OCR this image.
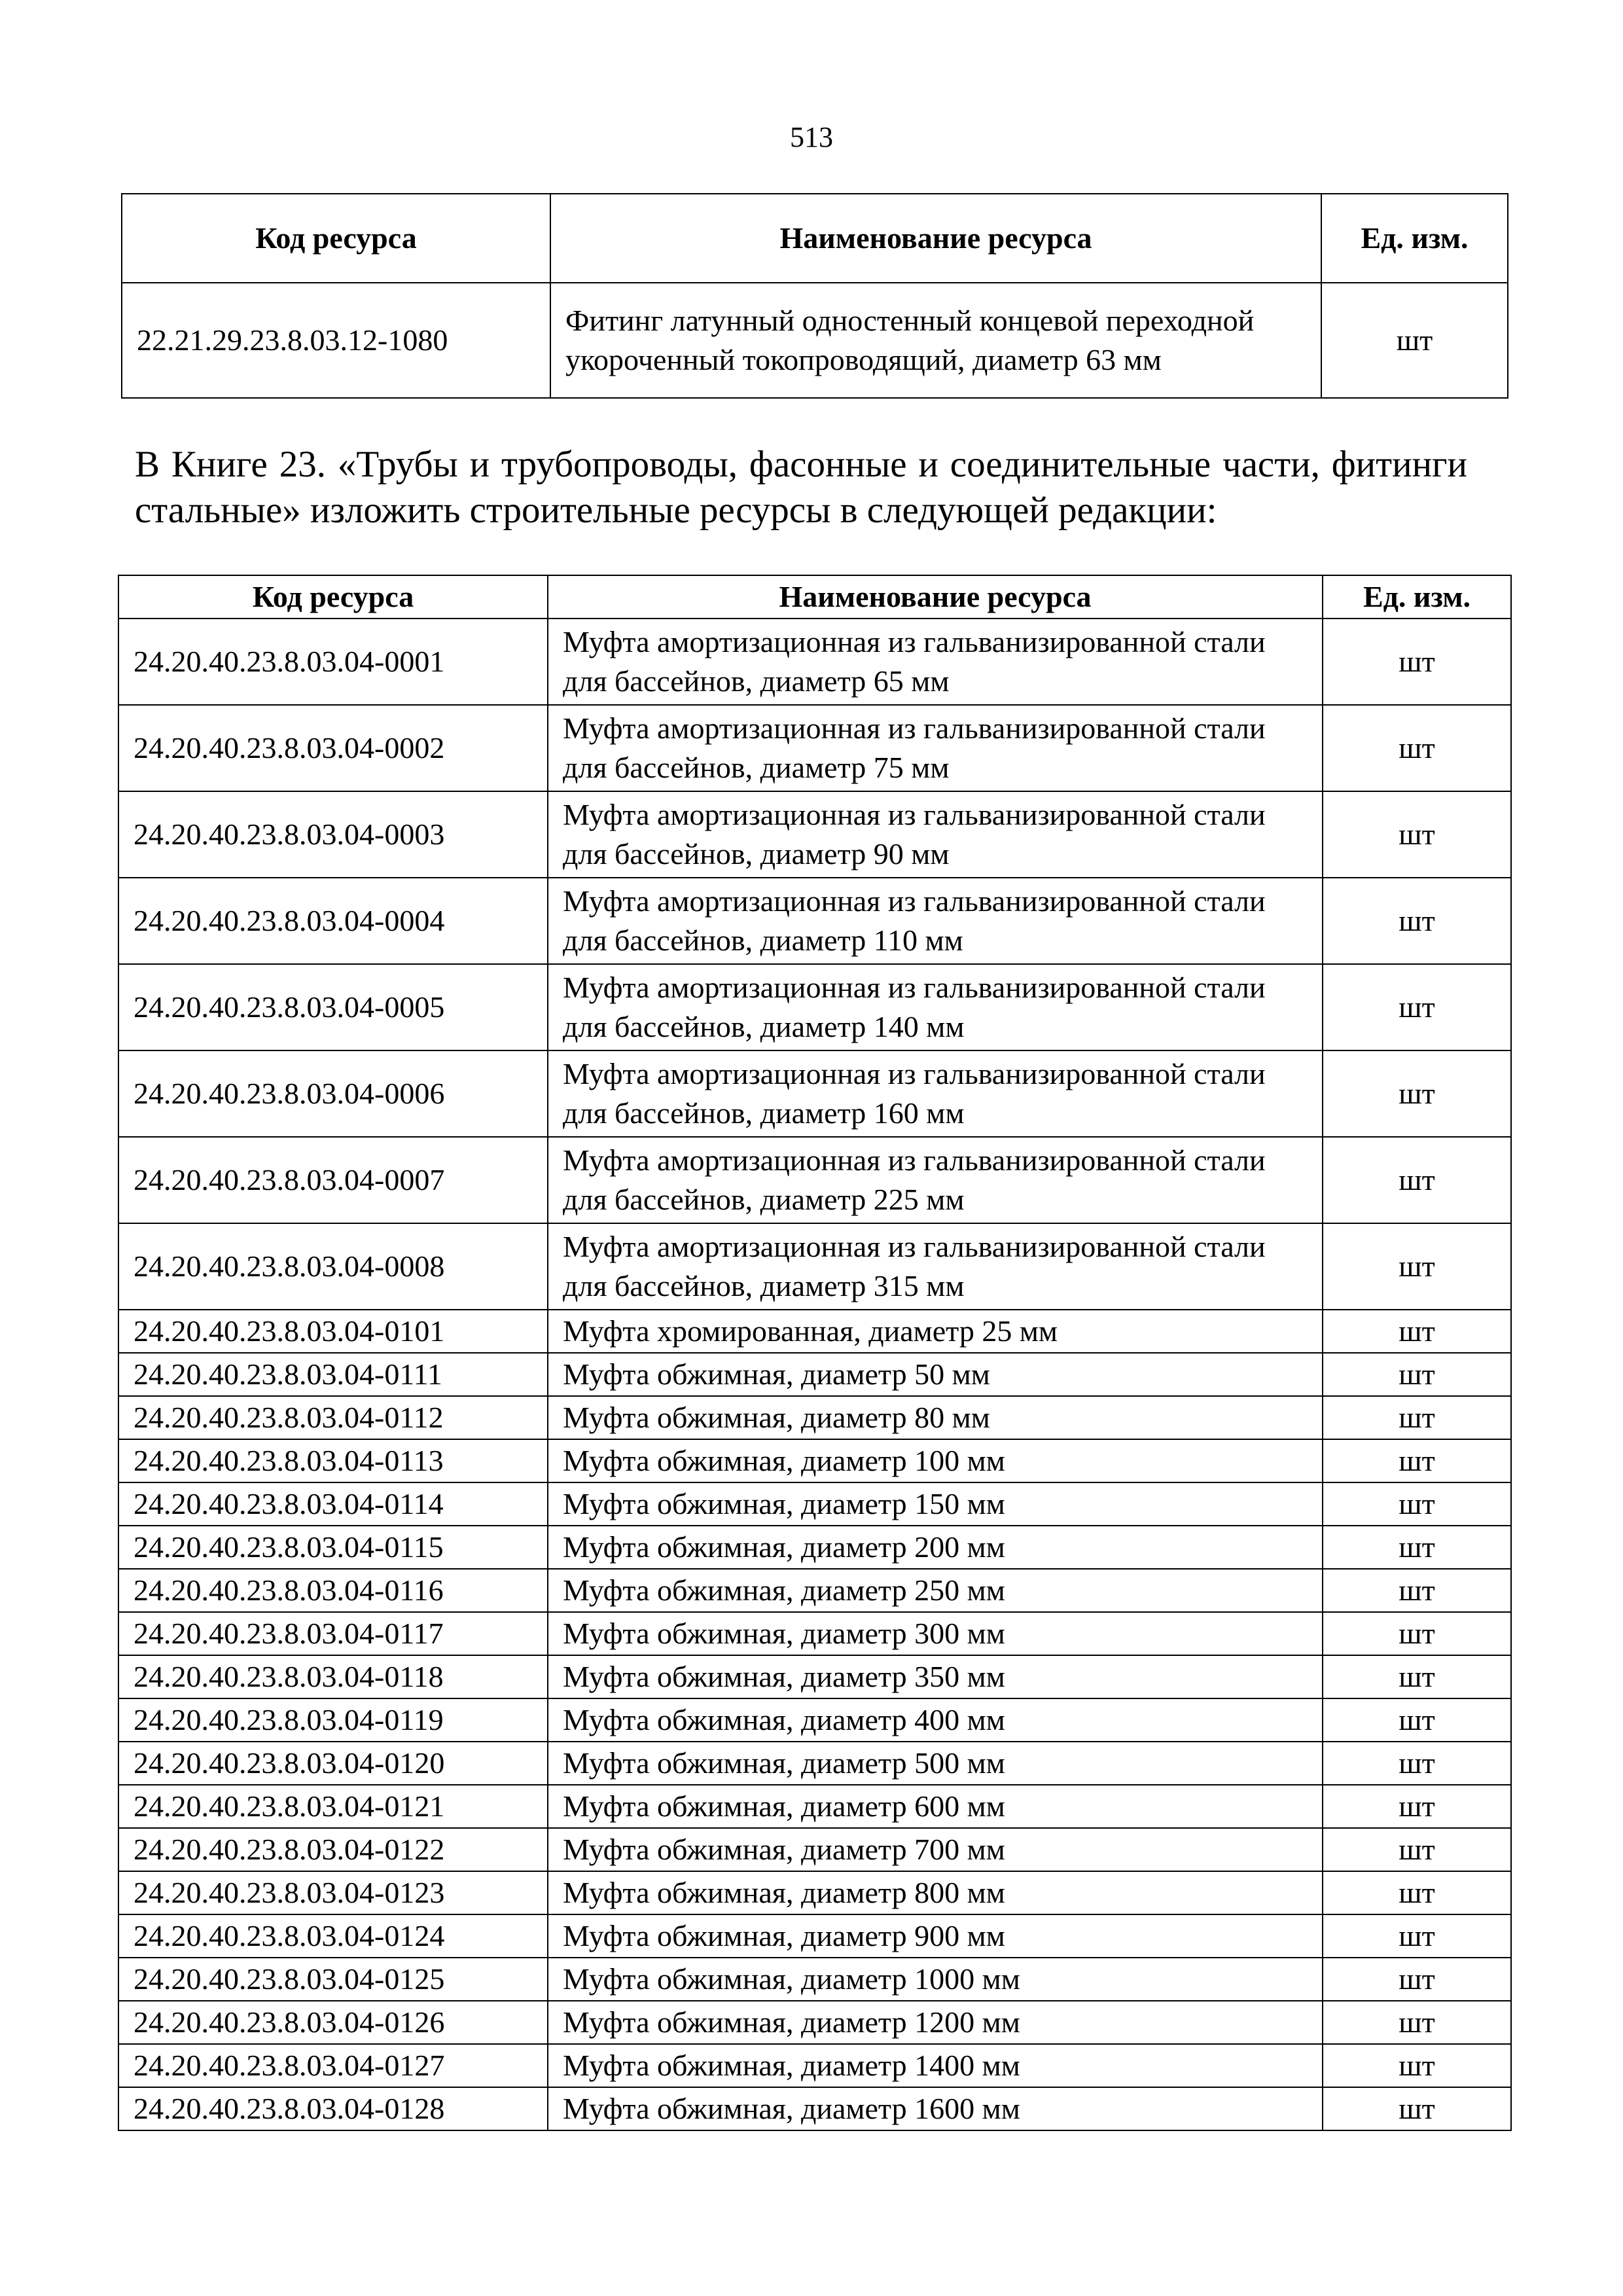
513
Код ресурса	Наименование ресурса	Ед. изм.
22.21.29.23.8.03.12-1080	Фитинг латунный одностенный концевой переходной укороченный токопроводящий, диаметр 63 мм	шт
В Книге 23. «Трубы и трубопроводы, фасонные и соединительные части, фитинги стальные» изложить строительные ресурсы в следующей редакции:
Код ресурса	Наименование ресурса	Ед. изм.
24.20.40.23.8.03.04-0001	Муфта амортизационная из гальванизированной стали для бассейнов, диаметр 65 мм	шт
24.20.40.23.8.03.04-0002	Муфта амортизационная из гальванизированной стали для бассейнов, диаметр 75 мм	шт
24.20.40.23.8.03.04-0003	Муфта амортизационная из гальванизированной стали для бассейнов, диаметр 90 мм	шт
24.20.40.23.8.03.04-0004	Муфта амортизационная из гальванизированной стали для бассейнов, диаметр 110 мм	шт
24.20.40.23.8.03.04-0005	Муфта амортизационная из гальванизированной стали для бассейнов, диаметр 140 мм	шт
24.20.40.23.8.03.04-0006	Муфта амортизационная из гальванизированной стали для бассейнов, диаметр 160 мм	шт
24.20.40.23.8.03.04-0007	Муфта амортизационная из гальванизированной стали для бассейнов, диаметр 225 мм	шт
24.20.40.23.8.03.04-0008	Муфта амортизационная из гальванизированной стали для бассейнов, диаметр 315 мм	шт
24.20.40.23.8.03.04-0101	Муфта хромированная, диаметр 25 мм	шт
24.20.40.23.8.03.04-0111	Муфта обжимная, диаметр 50 мм	шт
24.20.40.23.8.03.04-0112	Муфта обжимная, диаметр 80 мм	шт
24.20.40.23.8.03.04-0113	Муфта обжимная, диаметр 100 мм	шт
24.20.40.23.8.03.04-0114	Муфта обжимная, диаметр 150 мм	шт
24.20.40.23.8.03.04-0115	Муфта обжимная, диаметр 200 мм	шт
24.20.40.23.8.03.04-0116	Муфта обжимная, диаметр 250 мм	шт
24.20.40.23.8.03.04-0117	Муфта обжимная, диаметр 300 мм	шт
24.20.40.23.8.03.04-0118	Муфта обжимная, диаметр 350 мм	шт
24.20.40.23.8.03.04-0119	Муфта обжимная, диаметр 400 мм	шт
24.20.40.23.8.03.04-0120	Муфта обжимная, диаметр 500 мм	шт
24.20.40.23.8.03.04-0121	Муфта обжимная, диаметр 600 мм	шт
24.20.40.23.8.03.04-0122	Муфта обжимная, диаметр 700 мм	шт
24.20.40.23.8.03.04-0123	Муфта обжимная, диаметр 800 мм	шт
24.20.40.23.8.03.04-0124	Муфта обжимная, диаметр 900 мм	шт
24.20.40.23.8.03.04-0125	Муфта обжимная, диаметр 1000 мм	шт
24.20.40.23.8.03.04-0126	Муфта обжимная, диаметр 1200 мм	шт
24.20.40.23.8.03.04-0127	Муфта обжимная, диаметр 1400 мм	шт
24.20.40.23.8.03.04-0128	Муфта обжимная, диаметр 1600 мм	шт
